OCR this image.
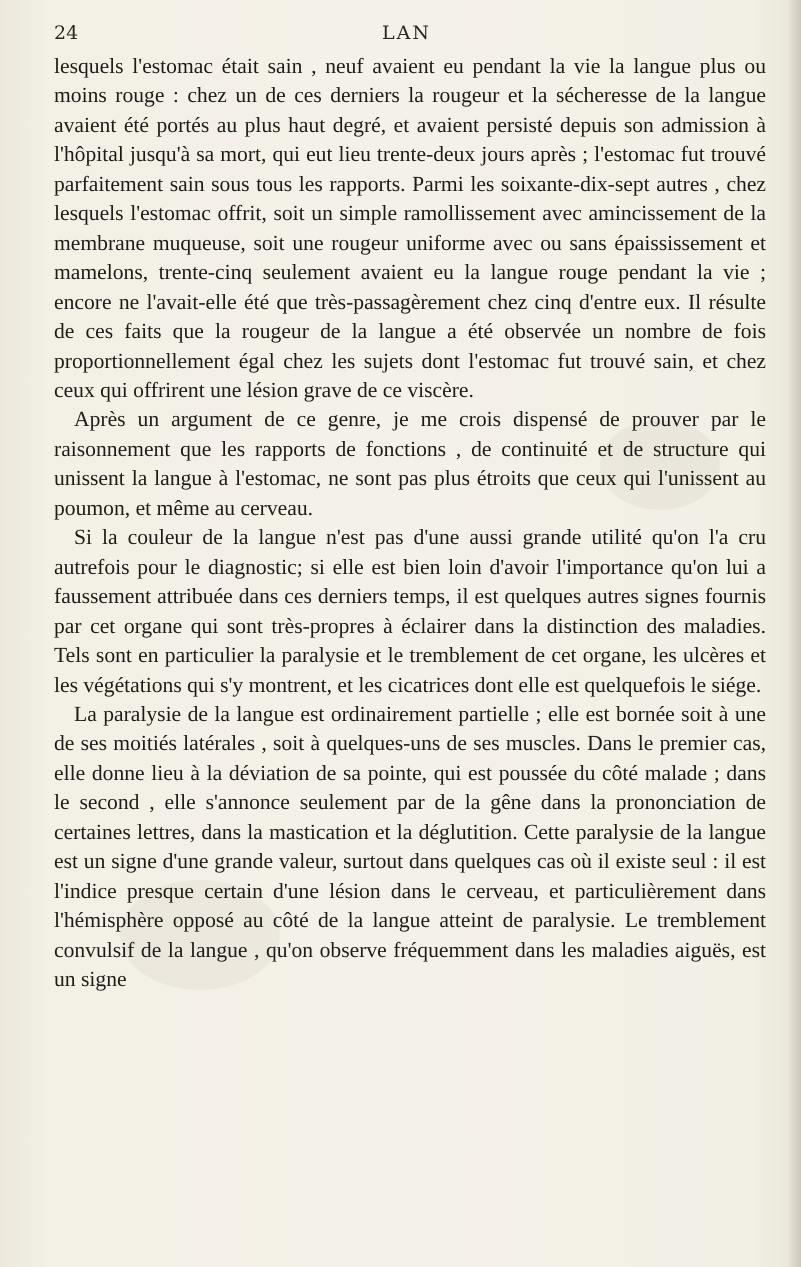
24	LAN

lesquels l'estomac était sain , neuf avaient eu pendant la vie la langue plus ou moins rouge : chez un de ces derniers la rougeur et la sécheresse de la langue avaient été portés au plus haut degré, et avaient persisté depuis son admission à l'hôpital jusqu'à sa mort, qui eut lieu trente-deux jours après ; l'estomac fut trouvé parfaitement sain sous tous les rapports. Parmi les soixante-dix-sept autres , chez lesquels l'estomac offrit, soit un simple ramollissement avec amincissement de la membrane muqueuse, soit une rougeur uniforme avec ou sans épaississement et mamelons, trente-cinq seulement avaient eu la langue rouge pendant la vie ; encore ne l'avait-elle été que très-passagèrement chez cinq d'entre eux. Il résulte de ces faits que la rougeur de la langue a été observée un nombre de fois proportionnellement égal chez les sujets dont l'estomac fut trouvé sain, et chez ceux qui offrirent une lésion grave de ce viscère.

Après un argument de ce genre, je me crois dispensé de prouver par le raisonnement que les rapports de fonctions , de continuité et de structure qui unissent la langue à l'estomac, ne sont pas plus étroits que ceux qui l'unissent au poumon, et même au cerveau.

Si la couleur de la langue n'est pas d'une aussi grande utilité qu'on l'a cru autrefois pour le diagnostic; si elle est bien loin d'avoir l'importance qu'on lui a faussement attribuée dans ces derniers temps, il est quelques autres signes fournis par cet organe qui sont très-propres à éclairer dans la distinction des maladies. Tels sont en particulier la paralysie et le tremblement de cet organe, les ulcères et les végétations qui s'y montrent, et les cicatrices dont elle est quelquefois le siége.

La paralysie de la langue est ordinairement partielle ; elle est bornée soit à une de ses moitiés latérales , soit à quelques-uns de ses muscles. Dans le premier cas, elle donne lieu à la déviation de sa pointe, qui est poussée du côté malade ; dans le second , elle s'annonce seulement par de la gêne dans la prononciation de certaines lettres, dans la mastication et la déglutition. Cette paralysie de la langue est un signe d'une grande valeur, surtout dans quelques cas où il existe seul : il est l'indice presque certain d'une lésion dans le cerveau, et particulièrement dans l'hémisphère opposé au côté de la langue atteint de paralysie. Le tremblement convulsif de la langue , qu'on observe fréquemment dans les maladies aiguës, est un signe
